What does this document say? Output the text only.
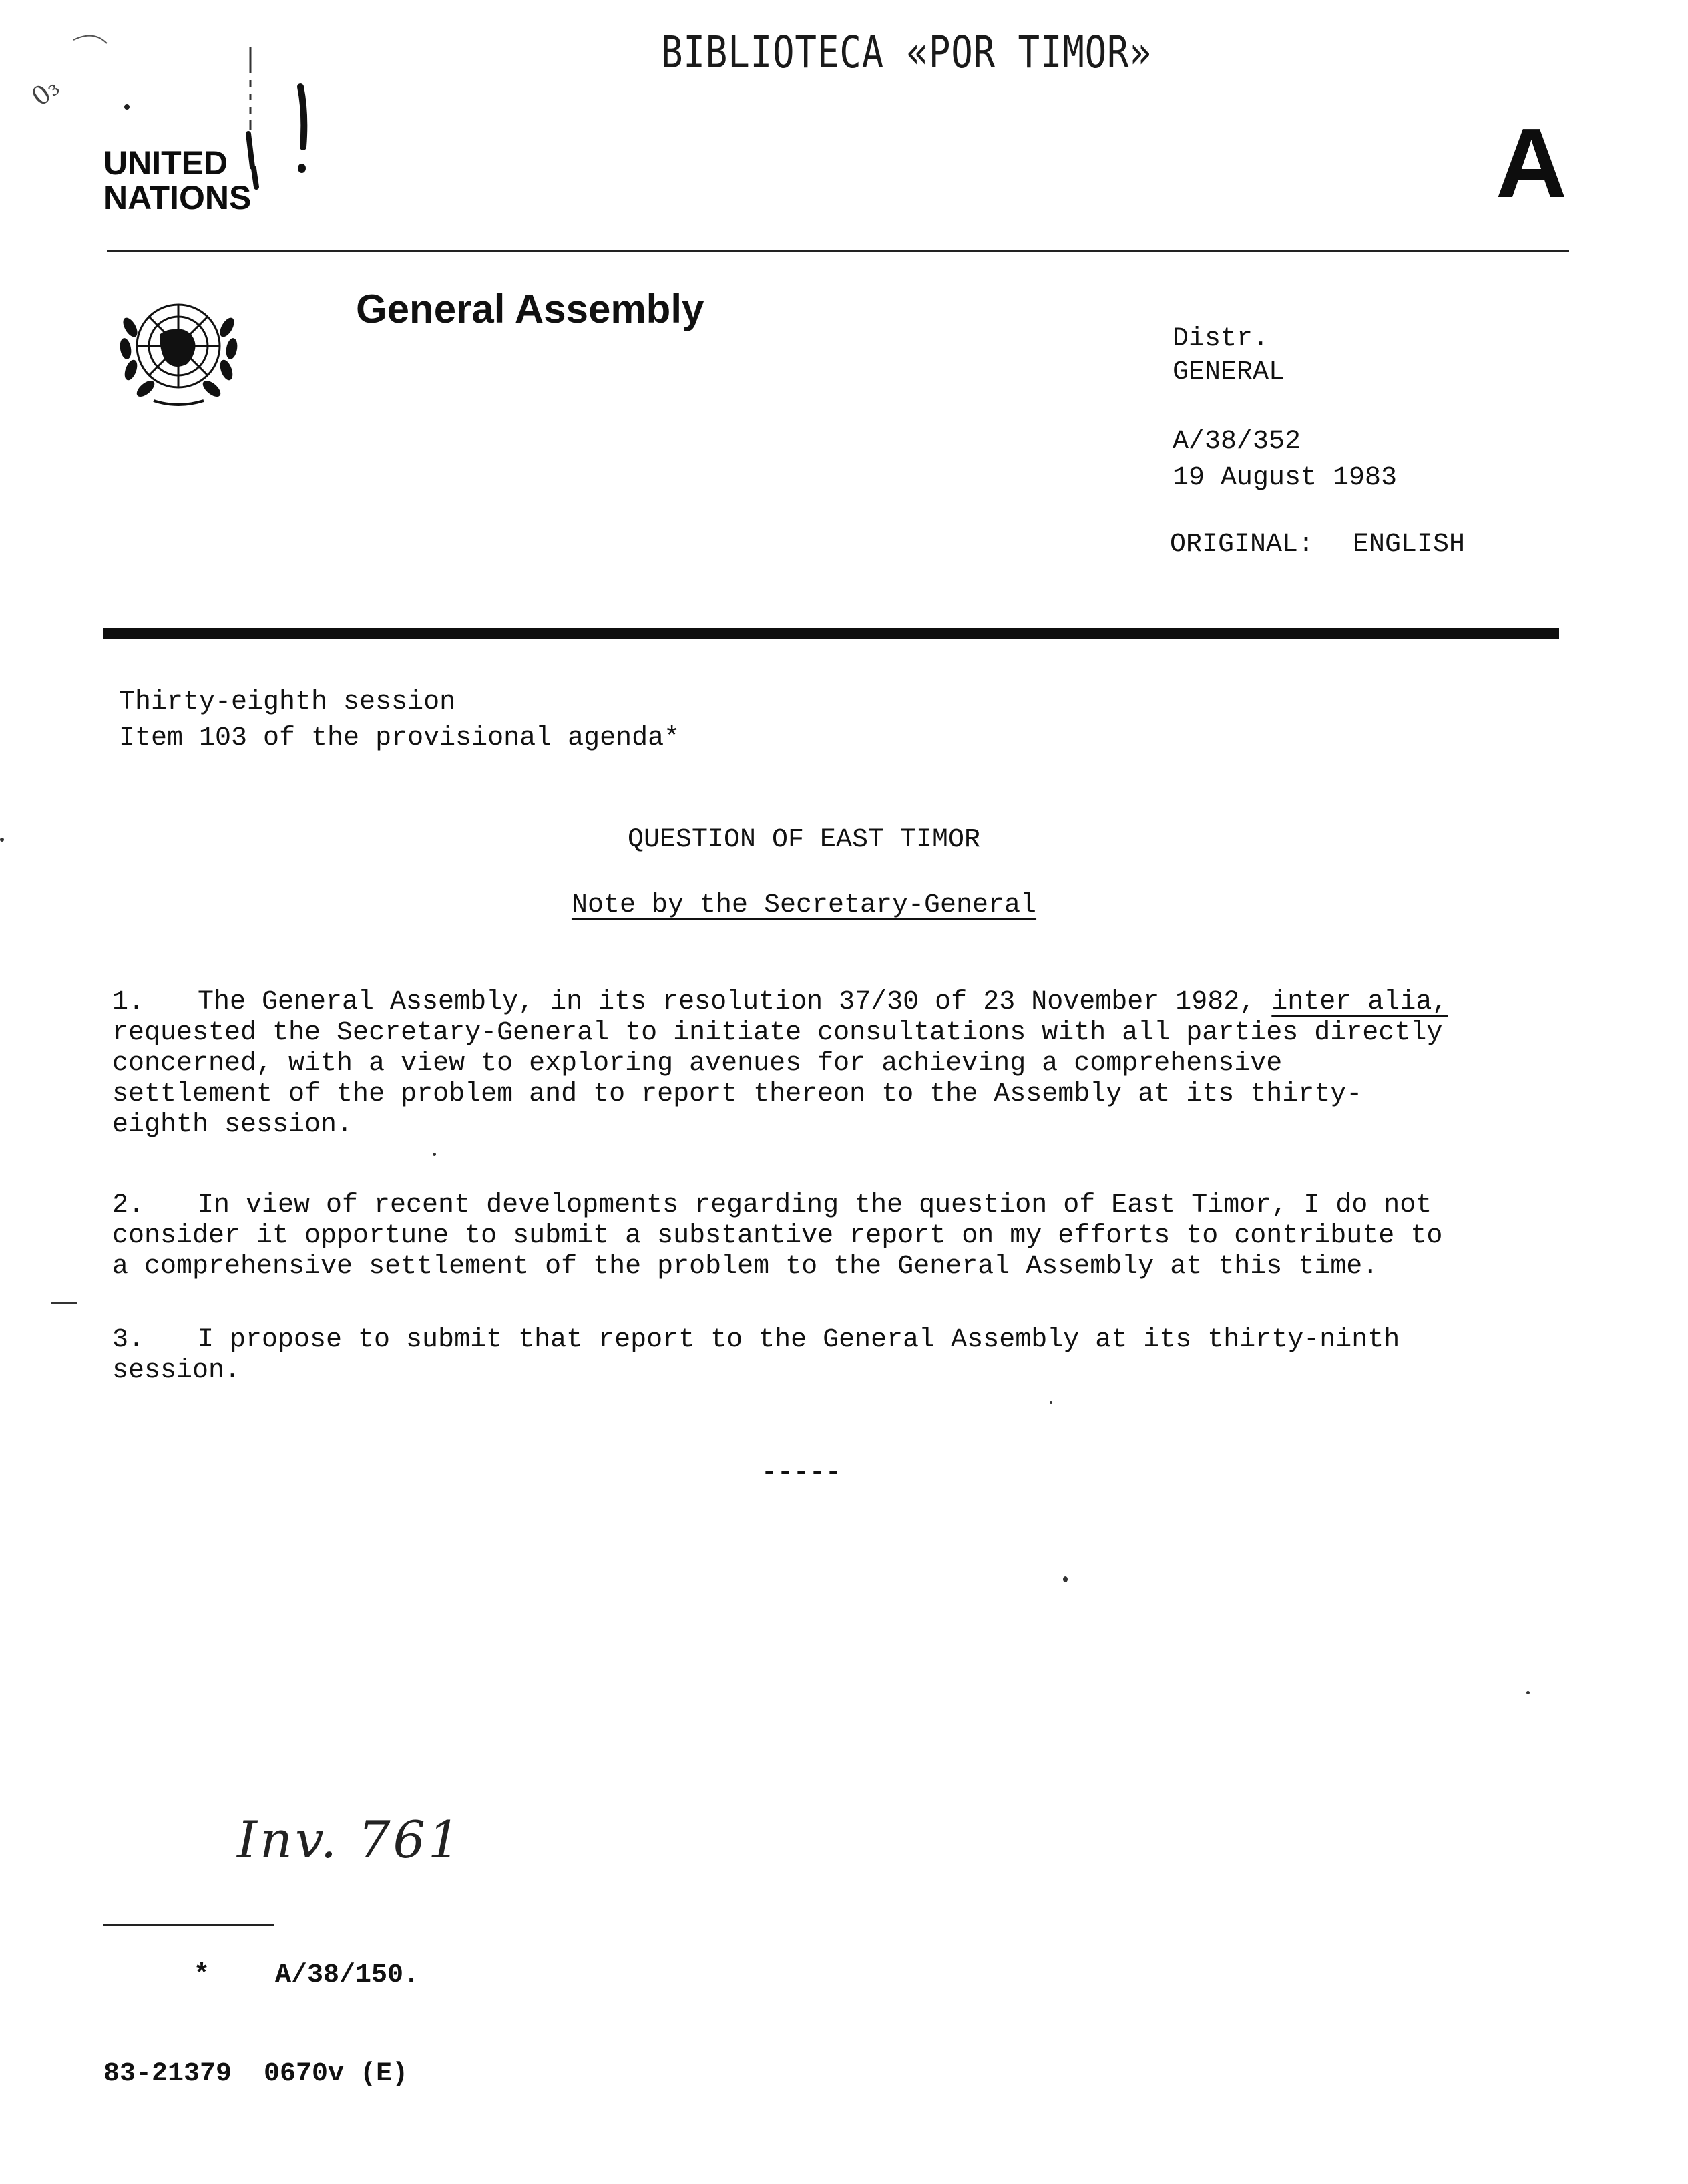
BIBLIOTECA «POR TIMOR»
UNITED
NATIONS
0₃
A
General Assembly
Distr.
GENERAL
A/38/352
19 August 1983
ORIGINAL: ENGLISH
Thirty-eighth session
Item 103 of the provisional agenda*
QUESTION OF EAST TIMOR
Note by the Secretary-General
1. The General Assembly, in its resolution 37/30 of 23 November 1982, inter alia,
requested the Secretary-General to initiate consultations with all parties directly
concerned, with a view to exploring avenues for achieving a comprehensive
settlement of the problem and to report thereon to the Assembly at its thirty-
eighth session.
2. In view of recent developments regarding the question of East Timor, I do not
consider it opportune to submit a substantive report on my efforts to contribute to
a comprehensive settlement of the problem to the General Assembly at this time.
3. I propose to submit that report to the General Assembly at its thirty-ninth
session.
-----
Inv. 761
* A/38/150.
83-21379  0670v (E)
